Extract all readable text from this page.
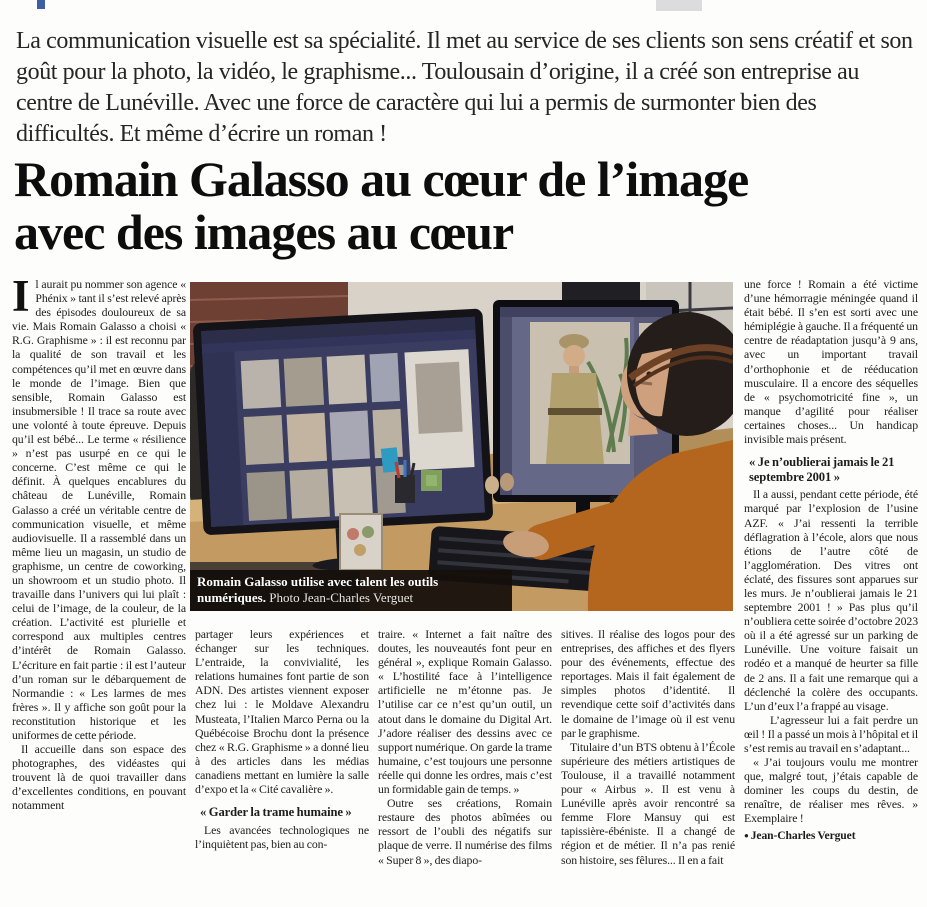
La communication visuelle est sa spécialité. Il met au service de ses clients son sens créatif et son goût pour la photo, la vidéo, le graphisme... Toulousain d’origine, il a créé son entreprise au centre de Lunéville. Avec une force de caractère qui lui a permis de surmonter bien des difficultés. Et même d’écrire un roman !

Romain Galasso au cœur de l’image
avec des images au cœur

Il aurait pu nommer son agence « Phénix » tant il s’est relevé après des épisodes douloureux de sa vie. Mais Romain Galasso a choisi « R.G. Graphisme » : il est reconnu par la qualité de son travail et les compétences qu’il met en œuvre dans le monde de l’image. Bien que sensible, Romain Galasso est insubmersible ! Il trace sa route avec une volonté à toute épreuve. Depuis qu’il est bébé... Le terme « résilience » n’est pas usurpé en ce qui le concerne. C’est même ce qui le définit. À quelques encablures du château de Lunéville, Romain Galasso a créé un véritable centre de communication visuelle, et même audiovisuelle. Il a rassemblé dans un même lieu un magasin, un studio de graphisme, un centre de coworking, un showroom et un studio photo. Il travaille dans l’univers qui lui plaît : celui de l’image, de la couleur, de la création. L’activité est plurielle et correspond aux multiples centres d’intérêt de Romain Galasso. L’écriture en fait partie : il est l’auteur d’un roman sur le débarquement de Normandie : « Les larmes de mes frères ». Il y affiche son goût pour la reconstitution historique et les uniformes de cette période.

Il accueille dans son espace des photographes, des vidéastes qui trouvent là de quoi travailler dans d’excellentes conditions, en pouvant notamment

partager leurs expériences et échanger sur les techniques. L’entraide, la convivialité, les relations humaines font partie de son ADN. Des artistes viennent exposer chez lui : le Moldave Alexandru Musteata, l’Italien Marco Perna ou la Québécoise Brochu dont la présence chez « R.G. Graphisme » a donné lieu à des articles dans les médias canadiens mettant en lumière la salle d’expo et la « Cité cavalière ».

« Garder la trame humaine »

Les avancées technologiques ne l’inquiètent pas, bien au con-

traire. « Internet a fait naître des doutes, les nouveautés font peur en général », explique Romain Galasso. « L’hostilité face à l’intelligence artificielle ne m’étonne pas. Je l’utilise car ce n’est qu’un outil, un atout dans le domaine du Digital Art. J’adore réaliser des dessins avec ce support numérique. On garde la trame humaine, c’est toujours une personne réelle qui donne les ordres, mais c’est un formidable gain de temps. »

Outre ses créations, Romain restaure des photos abîmées ou ressort de l’oubli des négatifs sur plaque de verre. Il numérise des films « Super 8 », des diapo-

sitives. Il réalise des logos pour des entreprises, des affiches et des flyers pour des événements, effectue des reportages. Mais il fait également de simples photos d’identité. Il revendique cette soif d’activités dans le domaine de l’image où il est venu par le graphisme.

Titulaire d’un BTS obtenu à l’École supérieure des métiers artistiques de Toulouse, il a travaillé notamment pour « Airbus ». Il est venu à Lunéville après avoir rencontré sa femme Flore Mansuy qui est tapissière-ébéniste. Il a changé de région et de métier. Il n’a pas renié son histoire, ses fêlures... Il en a fait

une force ! Romain a été victime d’une hémorragie méningée quand il était bébé. Il s’en est sorti avec une hémiplégie à gauche. Il a fréquenté un centre de réadaptation jusqu’à 9 ans, avec un important travail d’orthophonie et de rééducation musculaire. Il a encore des séquelles de « psychomotricité fine », un manque d’agilité pour réaliser certaines choses... Un handicap invisible mais présent.

« Je n’oublierai jamais le 21 septembre 2001 »

Il a aussi, pendant cette période, été marqué par l’explosion de l’usine AZF. « J’ai ressenti la terrible déflagration à l’école, alors que nous étions de l’autre côté de l’agglomération. Des vitres ont éclaté, des fissures sont apparues sur les murs. Je n’oublierai jamais le 21 septembre 2001 ! » Pas plus qu’il n’oubliera cette soirée d’octobre 2023 où il a été agressé sur un parking de Lunéville. Une voiture faisait un rodéo et a manqué de heurter sa fille de 2 ans. Il a fait une remarque qui a déclenché la colère des occupants. L’un d’eux l’a frappé au visage.

L’agresseur lui a fait perdre un œil ! Il a passé un mois à l’hôpital et il s’est remis au travail en s’adaptant...

« J’ai toujours voulu me montrer que, malgré tout, j’étais capable de dominer les coups du destin, de renaître, de réaliser mes rêves. » Exemplaire !

● Jean-Charles Verguet

Romain Galasso utilise avec talent les outils numériques. Photo Jean-Charles Verguet
